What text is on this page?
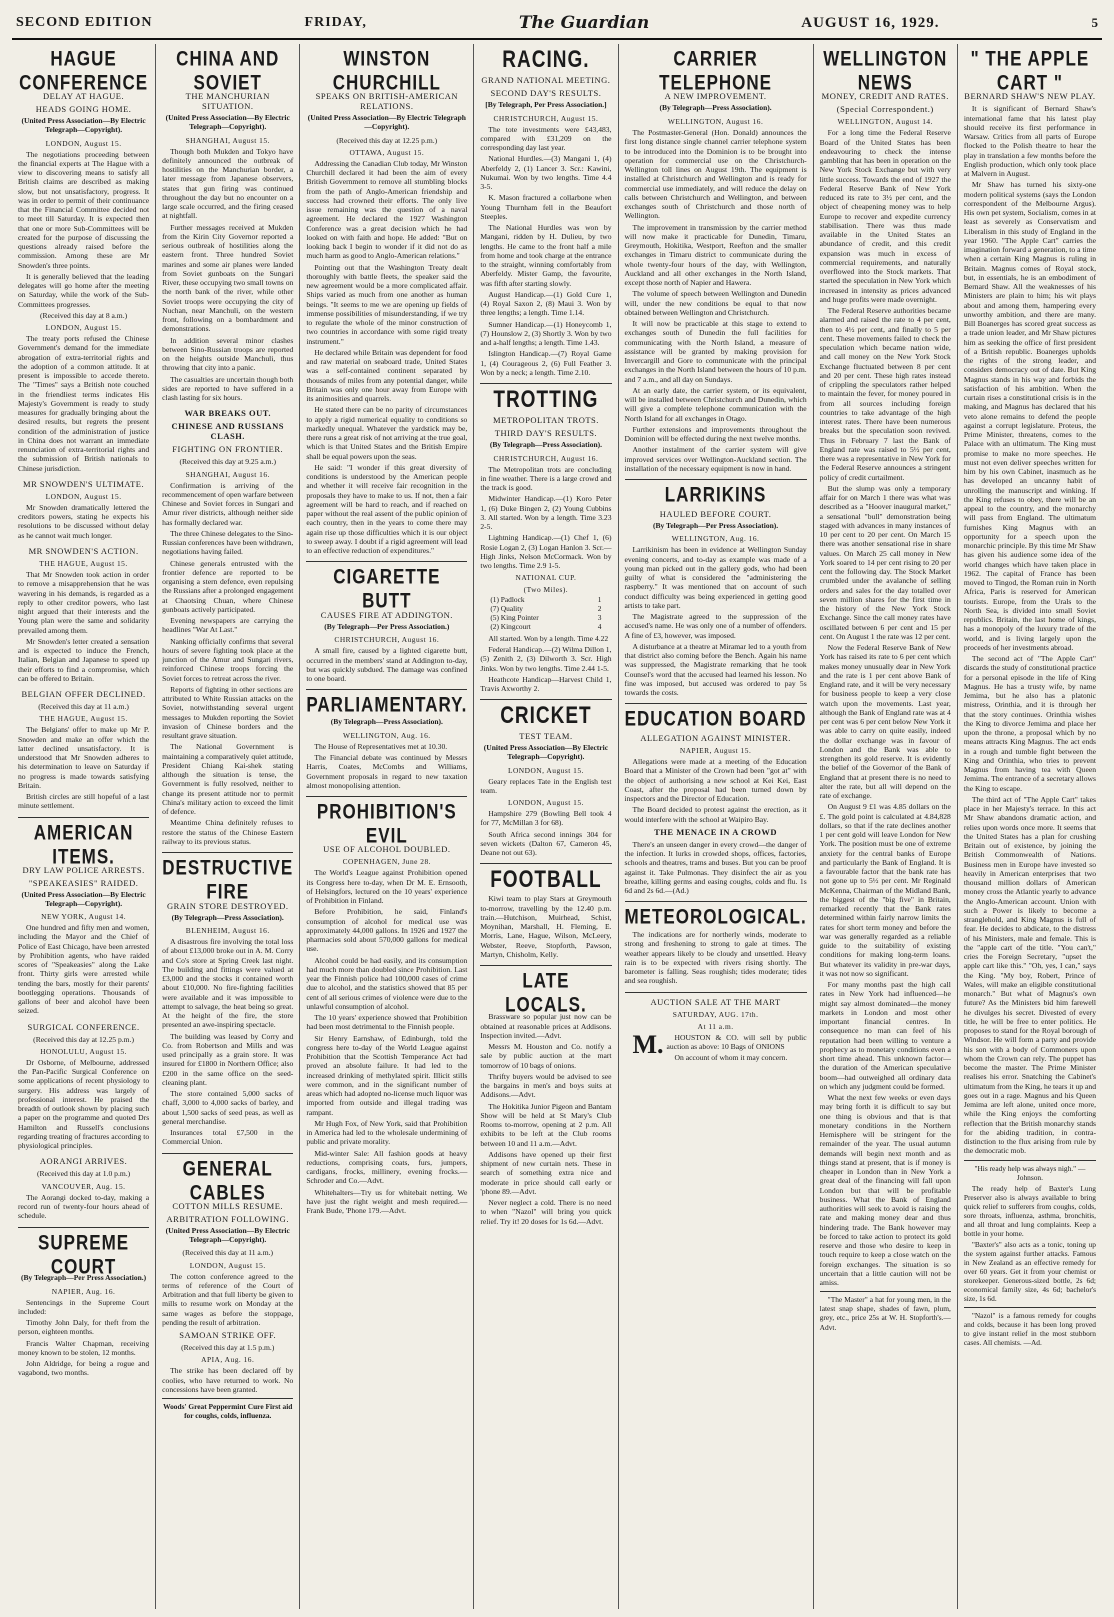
SECOND EDITION	FRIDAY,	The Guardian	AUGUST 16, 1929.	5
HAGUE CONFERENCE
DELAY AT HAGUE.
HEADS GOING HOME.
(United Press Association—By Electric Telegraph—Copyright).

LONDON, August 15.

The negotiations proceeding between the financial experts at The Hague with a view to discovering means to satisfy all British claims are described as making slow, but not unsatisfactory, progress. It was in order to permit of their continuance that the Financial Committee decided not to meet till Saturday. It is expected then that one or more Sub-Committees will be created for the purpose of discussing the questions already raised before the commission. Among these are Mr Snowden's three points.

It is generally believed that the leading delegates will go home after the meeting on Saturday, while the work of the Sub-Committees progresses.

(Received this day at 8 a.m.)

LONDON, August 15.

The treaty ports refused the Chinese Government's demand for the immediate abrogation of extra-territorial rights and the adoption of a common attitude. It at present is impossible to accede thereto. The "Times" says a British note couched in the friendliest terms indicates His Majesty's Government is ready to study measures for gradually bringing about the desired results, but regrets the present condition of the administration of justice in China does not warrant an immediate renunciation of extra-territorial rights and the submission of British nationals to Chinese jurisdiction.

MR SNOWDEN'S ULTIMATE.

LONDON, August 15.

Mr Snowden dramatically lettered the creditors powers, stating he expects his resolutions to be discussed without delay as he cannot wait much longer.

MR SNOWDEN'S ACTION.

THE HAGUE, August 15.

That Mr Snowden took action in order to remove a misapprehension that he was wavering in his demands, is regarded as a reply to other creditor powers, who last night argued that their interests and the Young plan were the same and solidarity prevailed among them.

Mr Snowden's letter created a sensation and is expected to induce the French, Italian, Belgian and Japanese to speed up their efforts to find a compromise, which can be offered to Britain.

BELGIAN OFFER DECLINED.

(Received this day at 11 a.m.)

THE HAGUE, August 15.

The Belgians' offer to make up Mr P. Snowden and make an offer which the latter declined unsatisfactory. It is understood that Mr Snowden adheres to his determination to leave on Saturday if no progress is made towards satisfying Britain.

British circles are still hopeful of a last minute settlement.

AMERICAN ITEMS.
DRY LAW POLICE ARRESTS.
"SPEAKEASIES" RAIDED.
(United Press Association—By Electric Telegraph—Copyright).

NEW YORK, August 14.

One hundred and fifty men and women, including the Mayor and the Chief of Police of East Chicago, have been arrested by Prohibition agents, who have raided scores of "Speakeasies" along the Lake front. Thirty girls were arrested while tending the bars, mostly for their parents' bootlegging operations. Thousands of gallons of beer and alcohol have been seized.

SURGICAL CONFERENCE.

(Received this day at 12.25 p.m.)

HONOLULU, August 15.

Dr Osborne, of Melbourne, addressed the Pan-Pacific Surgical Conference on some applications of recent physiology to surgery. His address was largely of professional interest. He praised the breadth of outlook shown by placing such a paper on the programme and quoted Drs Hamilton and Russell's conclusions regarding treating of fractures according to physiological principles.

AORANGI ARRIVES.

(Received this day at 1.0 p.m.)

VANCOUVER, Aug. 15.

The Aorangi docked to-day, making a record run of twenty-four hours ahead of schedule.

SUPREME COURT
(By Telegraph—Per Press Association.)

NAPIER, Aug. 16.

Sentencings in the Supreme Court included:

Timothy John Daly, for theft from the person, eighteen months.

Francis Walter Chapman, receiving money known to be stolen, 12 months.

John Aldridge, for being a rogue and vagabond, two months.

CHINA AND SOVIET
THE MANCHURIAN SITUATION.
(United Press Association—By Electric Telegraph—Copyright).

SHANGHAI, August 15.

Though both Mukden and Tokyo have definitely announced the outbreak of hostilities on the Manchurian border, a later message from Japanese observers, states that gun firing was continued throughout the day but no encounter on a large scale occurred, and the firing ceased at nightfall.

Further messages received at Mukden from the Kirin City Governor reported a serious outbreak of hostilities along the eastern front. Three hundred Soviet marines and some air planes were landed from Soviet gunboats on the Sungari River, these occupying two small towns on the north bank of the river, while other Soviet troops were occupying the city of Nuchan, near Manchuli, on the western front, following on a bombardment and demonstrations.

In addition several minor clashes between Sino-Russian troops are reported on the heights outside Manchuli, thus throwing that city into a panic.

The casualties are uncertain though both sides are reported to have suffered in a clash lasting for six hours.

WAR BREAKS OUT.
CHINESE AND RUSSIANS CLASH.
FIGHTING ON FRONTIER.

(Received this day at 9.25 a.m.)

SHANGHAI, August 16.

Confirmation is arriving of the recommencement of open warfare between Chinese and Soviet forces in Sungari and Amur river districts, although neither side has formally declared war.

The three Chinese delegates to the Sino-Russian conferences have been withdrawn, negotiations having failed.

Chinese generals entrusted with the frontier defence are reported to be organising a stern defence, even repulsing the Russians after a prolonged engagement at Chaotsing Chuan, where Chinese gunboats actively participated.

Evening newspapers are carrying the headlines "War At Last."

Nanking officially confirms that several hours of severe fighting took place at the junction of the Amur and Sungari rivers, reinforced Chinese troops forcing the Soviet forces to retreat across the river.

Reports of fighting in other sections are attributed to White Russian attacks on the Soviet, notwithstanding several urgent messages to Mukden reporting the Soviet invasion of Chinese borders and the resultant grave situation.

The National Government is maintaining a comparatively quiet attitude, President Chiang Kai-shek stating although the situation is tense, the Government is fully resolved, neither to change its present attitude nor to permit China's military action to exceed the limit of defence.

Meantime China definitely refuses to restore the status of the Chinese Eastern railway to its previous status.

DESTRUCTIVE FIRE
GRAIN STORE DESTROYED.
(By Telegraph—Press Association).

BLENHEIM, August 16.

A disastrous fire involving the total loss of about £13,000 broke out in A. M. Corry and Co's store at Spring Creek last night. The building and fittings were valued at £3,000 and the stocks it contained worth about £10,000. No fire-fighting facilities were available and it was impossible to attempt to salvage, the heat being so great. At the height of the fire, the store presented an awe-inspiring spectacle.

The building was leased by Corry and Co. from Robertson and Mills and was used principally as a grain store. It was insured for £1800 in Northern Office; also £200 in the same office on the seed-cleaning plant.

The store contained 5,000 sacks of chaff, 3,000 to 4,000 sacks of barley, and about 1,500 sacks of seed peas, as well as general merchandise.

Insurances total £7,500 in the Commercial Union.

GENERAL CABLES
COTTON MILLS RESUME.
ARBITRATION FOLLOWING.
(United Press Association—By Electric Telegraph—Copyright).

(Received this day at 11 a.m.)

LONDON, August 15.

The cotton conference agreed to the terms of reference of the Court of Arbitration and that full liberty be given to mills to resume work on Monday at the same wages as before the stoppage, pending the result of arbitration.

SAMOAN STRIKE OFF.

(Received this day at 1.5 p.m.)

APIA, Aug. 16.

The strike has been declared off by coolies, who have returned to work. No concessions have been granted.

Woods' Great Peppermint Cure First aid for coughs, colds, influenza.

WINSTON CHURCHILL
SPEAKS ON BRITISH-AMERICAN RELATIONS.
(United Press Association—By Electric Telegraph—Copyright).

(Received this day at 12.25 p.m.)

OTTAWA, August 15.

Addressing the Canadian Club today, Mr Winston Churchill declared it had been the aim of every British Government to remove all stumbling blocks from the path of Anglo-American friendship and success had crowned their efforts. The only live issue remaining was the question of a naval agreement. He declared the 1927 Washington Conference was a great decision which he had looked on with faith and hope. He added: "But on looking back I begin to wonder if it did not do as much harm as good to Anglo-American relations."

Pointing out that the Washington Treaty dealt thoroughly with battle fleets, the speaker said the new agreement would be a more complicated affair. Ships varied as much from one another as human beings. "It seems to me we are opening up fields of immense possibilities of misunderstanding, if we try to regulate the whole of the minor construction of two countries in accordance with some rigid treaty instrument."

He declared while Britain was dependent for food and raw material on seaboard trade, United States was a self-contained continent separated by thousands of miles from any potential danger, while Britain was only one hour away from Europe with its animosities and quarrels.

He stated there can be no parity of circumstances to apply a rigid numerical equality to conditions so markedly unequal. Whatever the yardstick may be, there runs a great risk of not arriving at the true goal, which is that United States and the British Empire shall be equal powers upon the seas.

He said: "I wonder if this great diversity of conditions is understood by the American people and whether it will receive fair recognition in the proposals they have to make to us. If not, then a fair agreement will be hard to reach, and if reached on paper without the real assent of the public opinion of each country, then in the years to come there may again rise up those difficulties which it is our object to sweep away. I doubt if a rigid agreement will lead to an effective reduction of expenditures."

CIGARETTE BUTT
CAUSES FIRE AT ADDINGTON.
(By Telegraph—Per Press Association.)

CHRISTCHURCH, August 16.

A small fire, caused by a lighted cigarette butt, occurred in the members' stand at Addington to-day, but was quickly subdued. The damage was confined to one board.

PARLIAMENTARY.
(By Telegraph—Press Association).

WELLINGTON, Aug. 16.

The House of Representatives met at 10.30.

The Financial debate was continued by Messrs Harris, Coates, McCombs and Williams, Government proposals in regard to new taxation almost monopolising attention.

PROHIBITION'S EVIL
USE OF ALCOHOL DOUBLED.

COPENHAGEN, June 28.

The World's League against Prohibition opened its Congress here to-day, when Dr M. E. Ernsooth, of Helsingfors, lectured on the 10 years' experience of Prohibition in Finland.

Before Prohibition, he said, Finland's consumption of alcohol for medical use was approximately 44,000 gallons. In 1926 and 1927 the pharmacies sold about 570,000 gallons for medical use.

Alcohol could be had easily, and its consumption had much more than doubled since Prohibition. Last year the Finnish police had 100,000 cases of crime due to alcohol, and the statistics showed that 85 per cent of all serious crimes of violence were due to the unlawful consumption of alcohol.

The 10 years' experience showed that Prohibition had been most detrimental to the Finnish people.

Sir Henry Earnshaw, of Edinburgh, told the congress here to-day of the World League against Prohibition that the Scottish Temperance Act had proved an absolute failure. It had led to the increased drinking of methylated spirit. Illicit stills were common, and in the significant number of areas which had adopted no-license much liquor was imported from outside and illegal trading was rampant.

Mr Hugh Fox, of New York, said that Prohibition in America had led to the wholesale undermining of public and private morality.

Mid-winter Sale: All fashion goods at heavy reductions, comprising coats, furs, jumpers, cardigans, frocks, millinery, evening frocks.—Schroder and Co.—Advt.

Whitehalters—Try us for whitebait netting. We have just the right weight and mesh required.—Frank Bude, 'Phone 179.—Advt.

RACING.
GRAND NATIONAL MEETING.
SECOND DAY'S RESULTS.
[By Telegraph, Per Press Association.]

CHRISTCHURCH, August 15.

The tote investments were £43,483, compared with £31,209 on the corresponding day last year.

National Hurdles.—(3) Mangani 1, (4) Aberfeldy 2, (1) Lancer 3. Scr.: Kawini, Nukumai. Won by two lengths. Time 4.4 3-5.

K. Mason fractured a collarbone when Young Thurnham fell in the Beaufort Steeples.

The National Hurdles was won by Mangani, ridden by H. Dulieu, by two lengths. He came to the front half a mile from home and took charge at the entrance to the straight, winning comfortably from Aberfeldy. Mister Gamp, the favourite, was fifth after starting slowly.

August Handicap.—(1) Gold Cure 1, (4) Royal Saxon 2, (8) Maui 3. Won by three lengths; a length. Time 1.14.

Sumner Handicap.—(1) Honeycomb 1, (7) Hounslow 2, (3) Shortly 3. Won by two and a-half lengths; a length. Time 1.43.

Islington Handicap.—(7) Royal Game 1, (4) Courageous 2, (6) Full Feather 3. Won by a neck; a length. Time 2.10.

TROTTING
METROPOLITAN TROTS.
THIRD DAY'S RESULTS.
(By Telegraph—Press Association).

CHRISTCHURCH, August 16.

The Metropolitan trots are concluding in fine weather. There is a large crowd and the track is good.

Midwinter Handicap.—(1) Koro Peter 1, (6) Duke Bingen 2, (2) Young Cubbins 3. All started. Won by a length. Time 3.23 2-5.

Lightning Handicap.—(1) Chef 1, (6) Rosie Logan 2, (3) Logan Hanlon 3. Scr.—High Jinks, Nelson McCormack. Won by two lengths. Time 2.9 1-5.

NATIONAL CUP.

(Two Miles).

(1) Padlock	1
(7) Quality	2
(5) King Pointer	3
(2) Kingcourt	4

All started. Won by a length. Time 4.22

Federal Handicap.—(2) Wilma Dillon 1, (5) Zenith 2, (3) Dilworth 3. Scr. High Jinks. Won by two lengths. Time 2.44 1-5.

Heathcote Handicap—Harvest Child 1, Travis Axworthy 2.

CRICKET
TEST TEAM.
(United Press Association—By Electric Telegraph—Copyright).

LONDON, August 15.

Geary replaces Tate in the English test team.

LONDON, August 15.

Hampshire 279 (Bowling Bell took 4 for 77, McMillan 3 for 68).

South Africa second innings 304 for seven wickets (Dalton 67, Cameron 45, Deane not out 63).

FOOTBALL

Kiwi team to play Stars at Greymouth to-morrow, travelling by the 12.40 p.m. train.—Hutchison, Muirhead, Schist, Moynihan, Marshall, H. Fleming, E. Morris, Lane, Hague, Wilson, McLeery, Webster, Reeve, Stopforth, Pawson, Martyn, Chisholm, Kelly.

LATE LOCALS.

Brassware so popular just now can be obtained at reasonable prices at Addisons. Inspection invited.—Advt.

Messrs M. Houston and Co. notify a sale by public auction at the mart tomorrow of 10 bags of onions.

Thrifty buyers would be advised to see the bargains in men's and boys suits at Addisons.—Advt.

The Hokitika Junior Pigeon and Bantam Show will be held at St Mary's Club Rooms to-morrow, opening at 2 p.m. All exhibits to be left at the Club rooms between 10 and 11 a.m.—Advt.

Addisons have opened up their first shipment of new curtain nets. These in search of something extra nice and moderate in price should call early or 'phone 89.—Advt.

Never neglect a cold. There is no need to when "Nazol" will bring you quick relief. Try it! 20 doses for 1s 6d.—Advt.

CARRIER TELEPHONE
A NEW IMPROVEMENT.
(By Telegraph—Press Association).

WELLINGTON, August 16.

The Postmaster-General (Hon. Donald) announces the first long distance single channel carrier telephone system to be introduced into the Dominion is to be brought into operation for commercial use on the Christchurch-Wellington toll lines on August 19th. The equipment is installed at Christchurch and Wellington and is ready for commercial use immediately, and will reduce the delay on calls between Christchurch and Wellington, and between exchanges south of Christchurch and those north of Wellington.

The improvement in transmission by the carrier method will now make it practicable for Dunedin, Timaru, Greymouth, Hokitika, Westport, Reefton and the smaller exchanges in Timaru district to communicate during the whole twenty-four hours of the day, with Wellington, Auckland and all other exchanges in the North Island, except those north of Napier and Hawera.

The volume of speech between Wellington and Dunedin will, under the new conditions be equal to that now obtained between Wellington and Christchurch.

It will now be practicable at this stage to extend to exchanges south of Dunedin the full facilities for communicating with the North Island, a measure of assistance will be granted by making provision for Invercargill and Gore to communicate with the principal exchanges in the North Island between the hours of 10 p.m. and 7 a.m., and all day on Sundays.

At an early date, the carrier system, or its equivalent, will be installed between Christchurch and Dunedin, which will give a complete telephone communication with the North Island for all exchanges in Otago.

Further extensions and improvements throughout the Dominion will be effected during the next twelve months.

Another instalment of the carrier system will give improved services over Wellington-Auckland section. The installation of the necessary equipment is now in hand.

LARRIKINS
HAULED BEFORE COURT.
(By Telegraph—Per Press Association).

WELLINGTON, Aug. 16.

Larrikinism has been in evidence at Wellington Sunday evening concerts, and to-day as example was made of a young man picked out in the gallery gods, who had been guilty of what is considered the "administering the raspberry." It was mentioned that on account of such conduct difficulty was being experienced in getting good artists to take part.

The Magistrate agreed to the suppression of the accused's name. He was only one of a number of offenders. A fine of £3, however, was imposed.

A disturbance at a theatre at Miramar led to a youth from that district also coming before the Bench. Again his name was suppressed, the Magistrate remarking that he took Counsel's word that the accused had learned his lesson. No fine was imposed, but accused was ordered to pay 5s towards the costs.

EDUCATION BOARD
ALLEGATION AGAINST MINISTER.

NAPIER, August 15.

Allegations were made at a meeting of the Education Board that a Minister of the Crown had been "got at" with the object of authorising a new school at Kei Kei, East Coast, after the proposal had been turned down by inspectors and the Director of Education.

The Board decided to protest against the erection, as it would interfere with the school at Waipiro Bay.

THE MENACE IN A CROWD

There's an unseen danger in every crowd—the danger of the infection. It lurks in crowded shops, offices, factories, schools and theatres, trams and buses. But you can be proof against it. Take Pulmonas. They disinfect the air as you breathe, killing germs and easing coughs, colds and flu. 1s 6d and 2s 6d.—(Ad.)

METEOROLOGICAL.

The indications are for northerly winds, moderate to strong and freshening to strong to gale at times. The weather appears likely to be cloudy and unsettled. Heavy rain is to be expected with rivers rising shortly. The barometer is falling. Seas roughish; tides moderate; tides and sea roughish.

AUCTION SALE AT THE MART

SATURDAY, AUG. 17th.

At 11 a.m.

M. HOUSTON & CO. will sell by public auction as above: 10 Bags of ONIONS

On account of whom it may concern.

WELLINGTON NEWS
MONEY, CREDIT AND RATES.
(Special Correspondent.)

WELLINGTON, August 14.

For a long time the Federal Reserve Board of the United States has been endeavouring to check the intense gambling that has been in operation on the New York Stock Exchange but with very little success. Towards the end of 1927 the Federal Reserve Bank of New York reduced its rate to 3½ per cent, and the object of cheapening money was to help Europe to recover and expedite currency stabilisation. There was thus made available in the United States an abundance of credit, and this credit expansion was much in excess of commercial requirements, and naturally overflowed into the Stock markets. That started the speculation in New York which increased in intensity as prices advanced and huge profits were made overnight.

The Federal Reserve authorities became alarmed and raised the rate to 4 per cent, then to 4½ per cent, and finally to 5 per cent. These movements failed to check the speculation which became nation wide, and call money on the New York Stock Exchange fluctuated between 8 per cent and 20 per cent. These high rates instead of crippling the speculators rather helped to maintain the fever, for money poured in from all sources including foreign countries to take advantage of the high interest rates. There have been numerous breaks but the speculation soon revived. Thus in February 7 last the Bank of England rate was raised to 5½ per cent, there was a representative in New York for the Federal Reserve announces a stringent policy of credit curtailment.

But the slump was only a temporary affair for on March 1 there was what was described as a "Hoover inaugural market," a sensational "bull" demonstration being staged with advances in many instances of 10 per cent to 20 per cent. On March 15 there was another sensational rise in share values. On March 25 call money in New York soared to 14 per cent rising to 20 per cent the following day. The Stock Market crumbled under the avalanche of selling orders and sales for the day totalled over seven million shares for the first time in the history of the New York Stock Exchange. Since the call money rates have oscillated between 6 per cent and 15 per cent. On August 1 the rate was 12 per cent.

Now the Federal Reserve Bank of New York has raised its rate to 6 per cent which makes money unusually dear in New York and the rate is 1 per cent above Bank of England rate, and it will be very necessary for business people to keep a very close watch upon the movements. Last year, although the Bank of England rate was at 4 per cent was 6 per cent below New York it was able to carry on quite easily, indeed the dollar exchange was in favour of London and the Bank was able to strengthen its gold reserve. It is evidently the belief of the Governor of the Bank of England that at present there is no need to alter the rate, but all will depend on the rate of exchange.

On August 9 £1 was 4.85 dollars on the £. The gold point is calculated at 4.84,828 dollars, so that if the rate declines another 1 per cent gold will leave London for New York. The position must be one of extreme anxiety for the central banks of Europe and particularly the Bank of England. It is a favourable factor that the bank rate has not gone up to 5½ per cent. Mr Reginald McKenna, Chairman of the Midland Bank, the biggest of the "big five" in Britain, remarked recently that the Bank rates determined within fairly narrow limits the rates for short term money and before the war was generally regarded as a reliable guide to the suitability of existing conditions for making long-term loans. But whatever its validity in pre-war days, it was not now so significant.

For many months past the high call rates in New York had influenced—he might say almost dominated—the money markets in London and most other important financial centres. In consequence no man can feel of his reputation had been willing to venture a prophecy as to monetary conditions even a short time ahead. This unknown factor—the duration of the American speculative boom—had outweighed all ordinary data on which any judgment could be formed.

What the next few weeks or even days may bring forth it is difficult to say but one thing is obvious and that is that monetary conditions in the Northern Hemisphere will be stringent for the remainder of the year. The usual autumn demands will begin next month and as things stand at present, that is if money is cheaper in London than in New York a great deal of the financing will fall upon London but that will be profitable business. What the Bank of England authorities will seek to avoid is raising the rate and making money dear and thus hindering trade. The Bank however may be forced to take action to protect its gold reserve and those who desire to keep in touch require to keep a close watch on the foreign exchanges. The situation is so uncertain that a little caution will not be amiss.

"The Master" a hat for young men, in the latest snap shape, shades of fawn, plum, grey, etc., price 25s at W. H. Stopforth's.—Advt.

" THE APPLE CART "
BERNARD SHAW'S NEW PLAY.

It is significant of Bernard Shaw's international fame that his latest play should receive its first performance in Warsaw. Critics from all parts of Europe flocked to the Polish theatre to hear the play in translation a few months before the English production, which only took place at Malvern in August.

Mr Shaw has turned his sixty-one modern political systems (says the London correspondent of the Melbourne Argus). His own pet system, Socialism, comes in at least as severely as Conservatism and Liberalism in this study of England in the year 1960. "The Apple Cart" carries the imagination forward a generation, to a time when a certain King Magnus is ruling in Britain. Magnus comes of Royal stock, but, in essentials, he is an embodiment of Bernard Shaw. All the weaknesses of his Ministers are plain to him; his wit plays about and among them, hampering every unworthy ambition, and there are many. Bill Boanerges has scored great success as a trade union leader, and Mr Shaw pictures him as seeking the office of first president of a British republic. Boanerges upholds the rights of the strong leader, and considers democracy out of date. But King Magnus stands in his way and forbids the satisfaction of his ambition. When the curtain rises a constitutional crisis is in the making, and Magnus has declared that his veto alone remains to defend the people against a corrupt legislature. Proteus, the Prime Minister, threatens, comes to the Palace with an ultimatum. The King must promise to make no more speeches. He must not even deliver speeches written for him by his own Cabinet, inasmuch as he has developed an uncanny habit of unrolling the manuscript and winking. If the King refuses to obey, there will be an appeal to the country, and the monarchy will pass from England. The ultimatum furnishes King Magnus with an opportunity for a speech upon the monarchic principle. By this time Mr Shaw has given his audience some idea of the world changes which have taken place in 1962. The capital of France has been moved to Tingod, the Roman ruin in North Africa, Paris is reserved for American tourists. Europe, from the Urals to the North Sea, is divided into small Soviet republics. Britain, the last home of kings, has a monopoly of the luxury trade of the world, and is living largely upon the proceeds of her investments abroad.

The second act of "The Apple Cart" discards the study of constitutional practice for a personal episode in the life of King Magnus. He has a trusty wife, by name Jemima, but he also has a platonic mistress, Orinthia, and it is through her that the story continues. Orinthia wishes the King to divorce Jemima and place her upon the throne, a proposal which by no means attracts King Magnus. The act ends in a rough and tumble fight between the King and Orinthia, who tries to prevent Magnus from having tea with Queen Jemima. The entrance of a secretary allows the King to escape.

The third act of "The Apple Cart" takes place in her Majesty's terrace. In this act Mr Shaw abandons dramatic action, and relies upon words once more. It seems that the United States has a plan for crushing Britain out of existence, by joining the British Commonwealth of Nations. Business men in Europe have invested so heavily in American enterprises that two thousand million dollars of American money cross the Atlantic yearly to advance the Anglo-American account. Union with such a Power is likely to become a stranglehold, and King Magnus is full of fear. He decides to abdicate, to the distress of his Ministers, male and female. This is the "apple cart of the title. "You can't," cries the Foreign Secretary, "upset the apple cart like this." "Oh, yes, I can," says the King. "My boy, Robert, Prince of Wales, will make an eligible constitutional monarch." But what of Magnus's own future? As the Ministers bid him farewell he divulges his secret. Divested of every title, he will be free to enter politics. He proposes to stand for the Royal borough of Windsor. He will form a party and provide his son with a body of Commoners upon whom the Crown can rely. The puppet has become the master. The Prime Minister realises his error. Snatching the Cabinet's ultimatum from the King, he tears it up and goes out in a rage. Magnus and his Queen Jemima are left alone, united once more, while the King enjoys the comforting reflection that the British monarchy stands for the abiding tradition, in contra-distinction to the flux arising from rule by the democratic mob.

"His ready help was always nigh." —Johnson.

The ready help of Baxter's Lung Preserver also is always available to bring quick relief to sufferers from coughs, colds, sore throats, influenza, asthma, bronchitis, and all throat and lung complaints. Keep a bottle in your home.

"Baxter's" also acts as a tonic, toning up the system against further attacks. Famous in New Zealand as an effective remedy for over 60 years. Get it from your chemist or storekeeper. Generous-sized bottle, 2s 6d; economical family size, 4s 6d; bachelor's size, 1s 6d.

"Nazol" is a famous remedy for coughs and colds, because it has been long proved to give instant relief in the most stubborn cases. All chemists. —Ad.
